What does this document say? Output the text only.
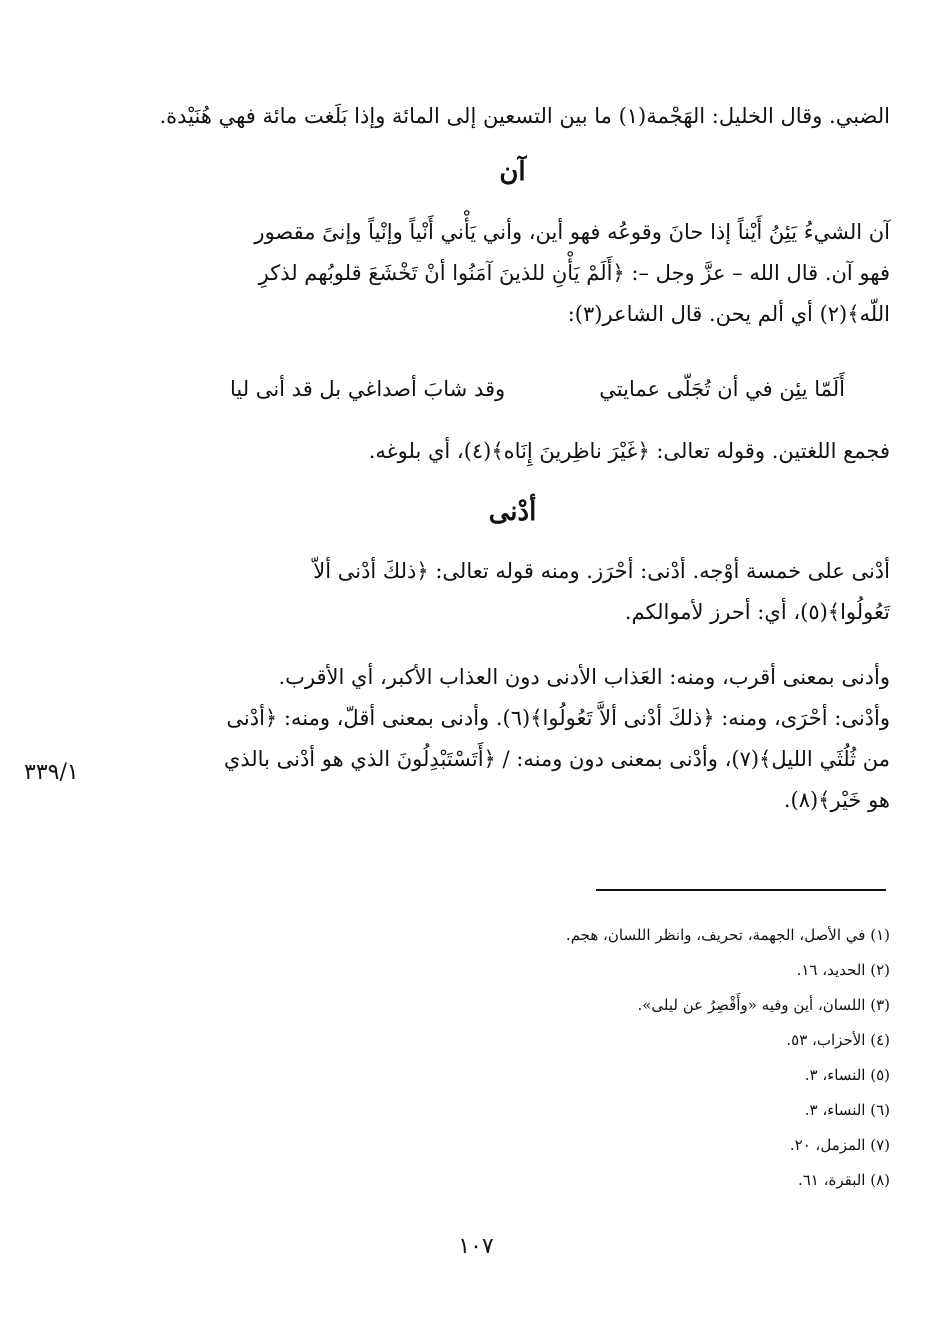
الضبي. وقال الخليل: الهَجْمة(١) ما بين التسعين إلى المائة وإذا بَلَغت مائة فهي هُنَيْدة.

آن

آن الشيءُ يَئِنُ أَيْناً إذا حانَ وقوعُه فهو أين، وأني يَأْني أَنْياً وإنْياً وإنىً مقصور

فهو آن. قال الله – عزَّ وجل –: ﴿أَلَمْ يَأْنِ للذينَ آمَنُوا أنْ تَخْشَعَ قلوبُهم لذكرِ

اللّه﴾(٢) أي ألم يحن. قال الشاعر(٣):

أَلَمّا يئِن في أن تُجَلّى عمايتي
وقد شابَ أصداغي بل قد أنى ليا

فجمع اللغتين. وقوله تعالى: ﴿غَيْرَ ناظِرينَ إِنَاه﴾(٤)، أي بلوغه.

أدْنى

أدْنى على خمسة أوْجه. أدْنى: أحْرَز. ومنه قوله تعالى: ﴿ذلكَ أدْنى ألاّ

تَعُولُوا﴾(٥)، أي: أحرز لأموالكم.

وأدنى بمعنى أقرب، ومنه: العَذاب الأدنى دون العذاب الأكبر، أي الأقرب.

وأدْنى: أحْرَى، ومنه: ﴿ذلكَ أدْنى ألاَّ تَعُولُوا﴾(٦). وأدنى بمعنى أقلّ، ومنه: ﴿أدْنى

من ثُلُثَي الليل﴾(٧)، وأدْنى بمعنى دون ومنه: / ﴿أَتَسْتَبْدِلُونَ الذي هو أدْنى بالذي

هو خَيْر﴾(٨).

٣٣٩/١

(١) في الأصل، الجهمة، تحريف، وانظر اللسان، هجم.

(٢) الحديد، ١٦.

(٣) اللسان، أين وفيه «وأَقْصِرُ عن ليلى».

(٤) الأحزاب، ٥٣.

(٥) النساء، ٣.

(٦) النساء، ٣.

(٧) المزمل، ٢٠.

(٨) البقرة، ٦١.

١٠٧
